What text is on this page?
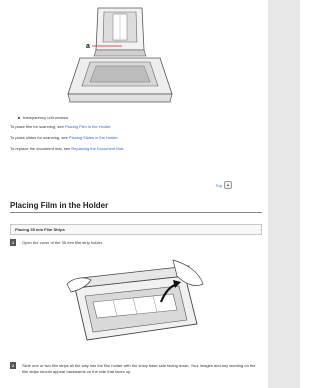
a
transparency unit window
To place film for scanning, see Placing Film in the Holder.
To place slides for scanning, see Placing Slides in the Holder.
To replace the document mat, see Replacing the Document Mat.
Top	▲
Placing Film in the Holder
Placing 35 mm Film Strips
1	Open the cover of the 35 mm film strip holder.
2	Slide one or two film strips all the way into the film holder with the shiny base side facing down. Your images and any wording on the film strips should appear backwards on the side that faces up.
